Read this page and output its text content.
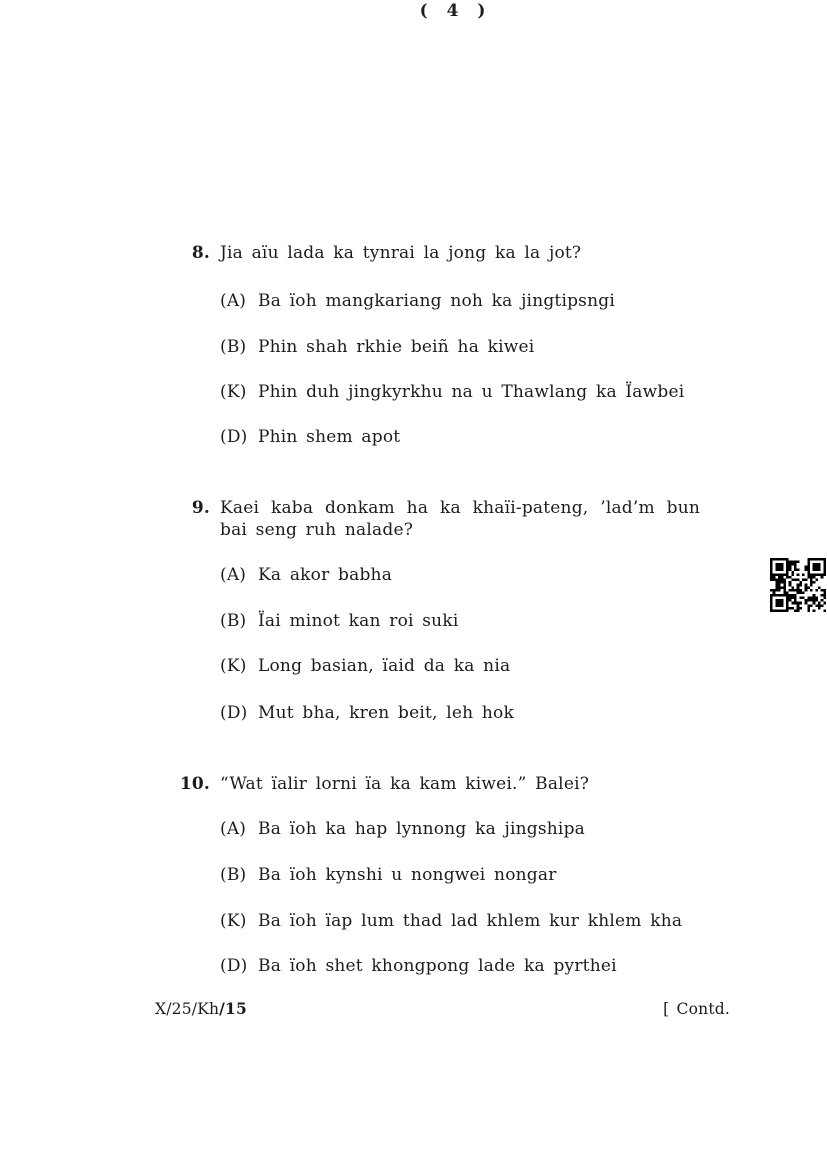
( 4 )
8. Jia aïu lada ka tynrai la jong ka la jot?
(A) Ba ïoh mangkariang noh ka jingtipsngi
(B) Phin shah rkhie beiñ ha kiwei
(K) Phin duh jingkyrkhu na u Thawlang ka Ïawbei
(D) Phin shem apot
9. Kaei kaba donkam ha ka khaïi-pateng, ’lad’m bun bai seng ruh nalade?
(A) Ka akor babha
(B) Ïai minot kan roi suki
(K) Long basian, ïaid da ka nia
(D) Mut bha, kren beit, leh hok
10. “Wat ïalir lorni ïa ka kam kiwei.” Balei?
(A) Ba ïoh ka hap lynnong ka jingshipa
(B) Ba ïoh kynshi u nongwei nongar
(K) Ba ïoh ïap lum thad lad khlem kur khlem kha
(D) Ba ïoh shet khongpong lade ka pyrthei
X/25/Kh/15	[ Contd.
